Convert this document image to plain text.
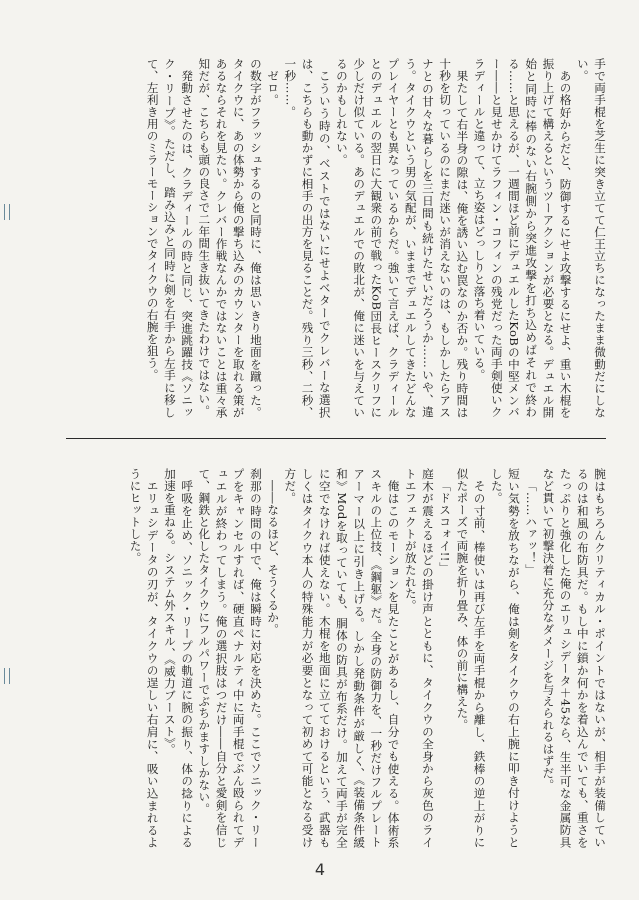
手で両手棍を芝生に突き立てて仁王立ちになったまま微動だにしない。

あの格好からだと、防御するにせよ攻撃するにせよ、重い木棍を振り上げて構えるというツーアクションが必要となる。デュエル開始と同時に棒のない右腕側から突進攻撃を打ち込めばそれで終わる……と思えるが、一週間ほど前にデュエルしたKoBの中堅メンバー――と見せかけてラフィン・コフィンの残党だった両手剣使いクラディールと違って、立ち姿はどっしりと落ち着いている。

果たして右半身の隙は、俺を誘い込む罠なのか否か。残り時間は十秒を切っているのにまだ迷いが消えないのは、もしかしたらアスナとの甘々な暮らしを三日間も続けたせいだろうか……いや、違う。タイクウという男の気配が、いままでデュエルしてきたどんなプレイヤーとも異なっているからだ。強いて言えば、クラディールとのデュエルの翌日に大観衆の前で戦ったKoB団長ヒースクリフに少しだけ似ている。あのデュエルでの敗北が、俺に迷いを与えているのかもしれない。

こういう時の、ベストではないにせよベターでクレバーな選択は、こちらも動かずに相手の出方を見ることだ。残り三秒、二秒、一秒……。

ゼロ。

の数字がフラッシュするのと同時に、俺は思いきり地面を蹴った。タイクウに、あの体勢から俺の撃ち込みのカウンターを取れる策があるならそれを見たい。クレバー作戦なんかではないことは重々承知だが、こちらも頭の良さで二年間生き抜いてきたわけではない。

発動させたのは、クラディールの時と同じ、突進跳躍技《ソニック・リープ》。ただし、踏み込みと同時に剣を右手から左手に移して、左利き用のミラーモーションでタイクウの右腕を狙う。

腕はもちろんクリティカル・ポイントではないが、相手が装備しているのは和風の布防具だ。もし中に鎖か何かを着込んでいても、重さをたっぷりと強化した俺のエリュシデータ＋45なら、生半可な金属防具など貫いて初撃決着に充分なダメージを与えられるはずだ。

「……ハァッ！」

短い気勢を放ちながら、俺は剣をタイクウの右上腕に叩き付けようとした。

その寸前、棒使いは再び左手を両手棍から離し、鉄棒の逆上がりに似たポーズで両腕を折り畳み、体の前に構えた。

「ドスコォイ!!」

庭木が震えるほどの掛け声とともに、タイクウの全身から灰色のライトエフェクトが放たれた。

俺はこのモーションを見たことがあるし、自分でも使える。体術系スキルの上位技、《鋼躯》だ。全身の防御力を、一秒だけフルプレートアーマー以上に引き上げる。しかし発動条件が厳しく、《装備条件緩和》Modを取っていても、胴体の防具が布系だけ。加えて両手が完全に空でなければ使えない。木棍を地面に立てておけるという、武器もしくはタイクウ本人の特殊能力が必要となって初めて可能となる受け方だ。

――なるほど、そうくるか。

刹那の時間の中で、俺は瞬時に対応を決めた。ここでソニック・リープをキャンセルすれば、硬直ペナルティ中に両手棍でぶん殴られてデュエルが終わってしまう。俺の選択肢はつだけ――自分と愛剣を信じて、鋼鉄と化したタイクウにフルパワーでぶちかますしかない。

呼吸を止め、ソニック・リープの軌道に腕の振り、体の捻りによる加速を重ねる。システム外スキル、《威力ブースト》。

エリュシデータの刃が、タイクウの逞しい右肩に、吸い込まれるようにヒットした。

4
